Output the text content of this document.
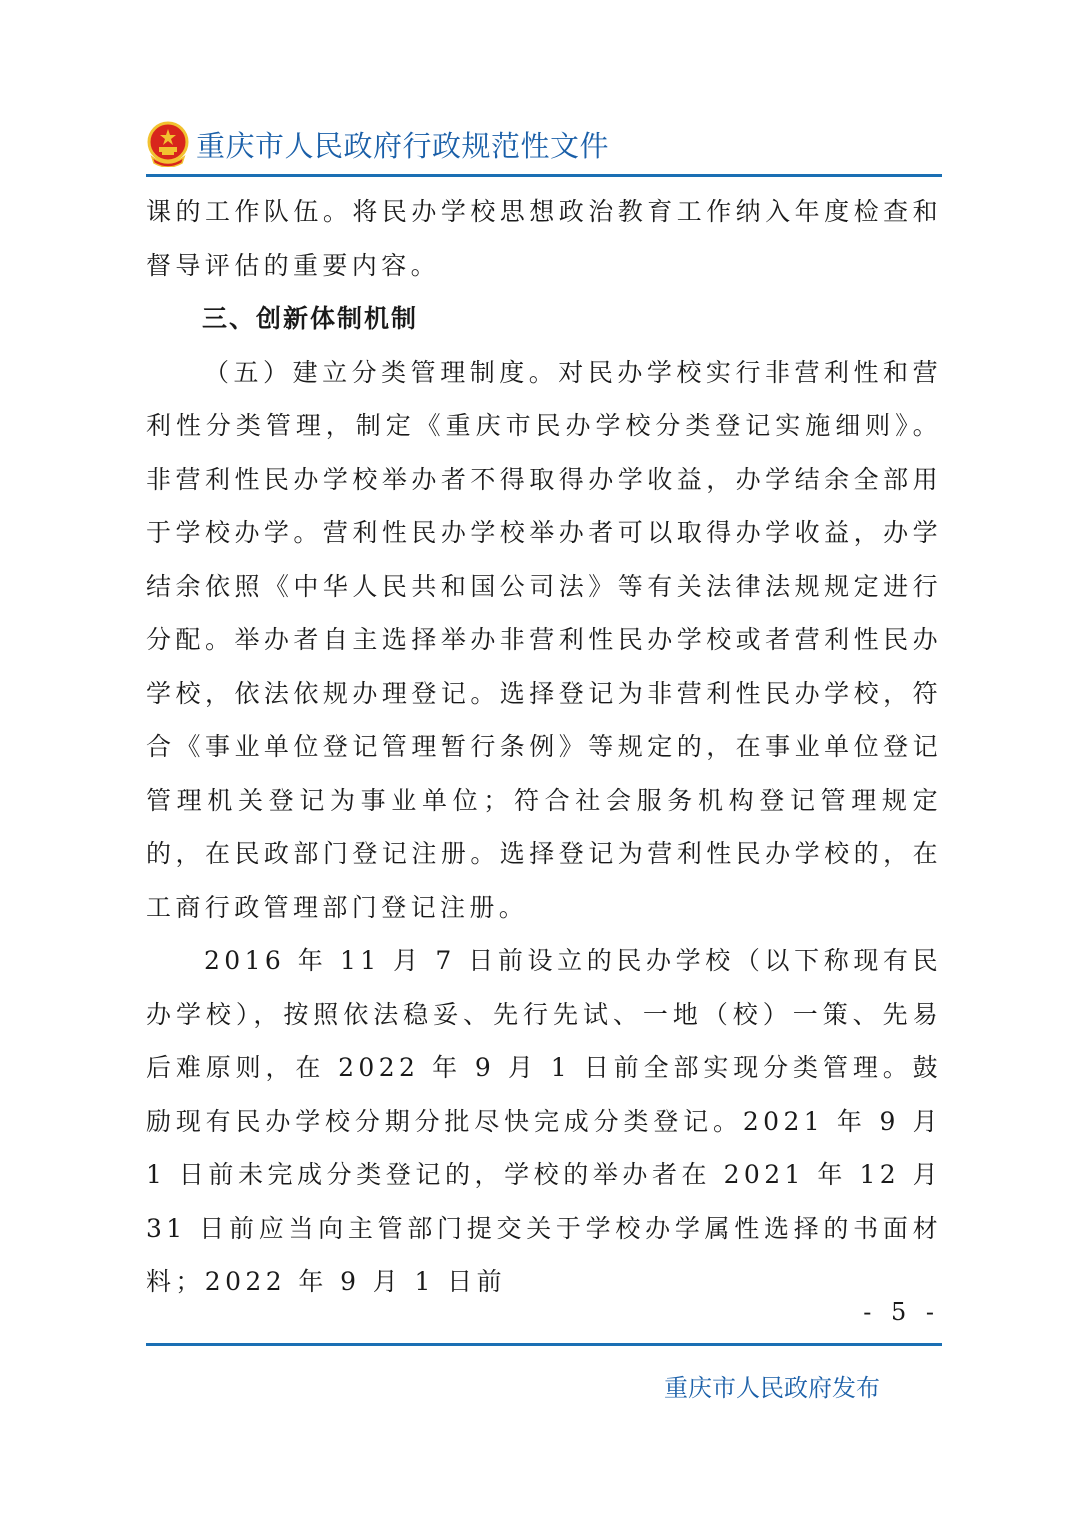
重庆市人民政府行政规范性文件

课的工作队伍。将民办学校思想政治教育工作纳入年度检查和督导评估的重要内容。

三、创新体制机制

（五）建立分类管理制度。对民办学校实行非营利性和营利性分类管理，制定《重庆市民办学校分类登记实施细则》。非营利性民办学校举办者不得取得办学收益，办学结余全部用于学校办学。营利性民办学校举办者可以取得办学收益，办学结余依照《中华人民共和国公司法》等有关法律法规规定进行分配。举办者自主选择举办非营利性民办学校或者营利性民办学校，依法依规办理登记。选择登记为非营利性民办学校，符合《事业单位登记管理暂行条例》等规定的，在事业单位登记管理机关登记为事业单位；符合社会服务机构登记管理规定的，在民政部门登记注册。选择登记为营利性民办学校的，在工商行政管理部门登记注册。

2016 年 11 月 7 日前设立的民办学校（以下称现有民办学校），按照依法稳妥、先行先试、一地（校）一策、先易后难原则，在 2022 年 9 月 1 日前全部实现分类管理。鼓励现有民办学校分期分批尽快完成分类登记。2021 年 9 月 1 日前未完成分类登记的，学校的举办者在 2021 年 12 月 31 日前应当向主管部门提交关于学校办学属性选择的书面材料；2022 年 9 月 1 日前

- 5 -
重庆市人民政府发布
